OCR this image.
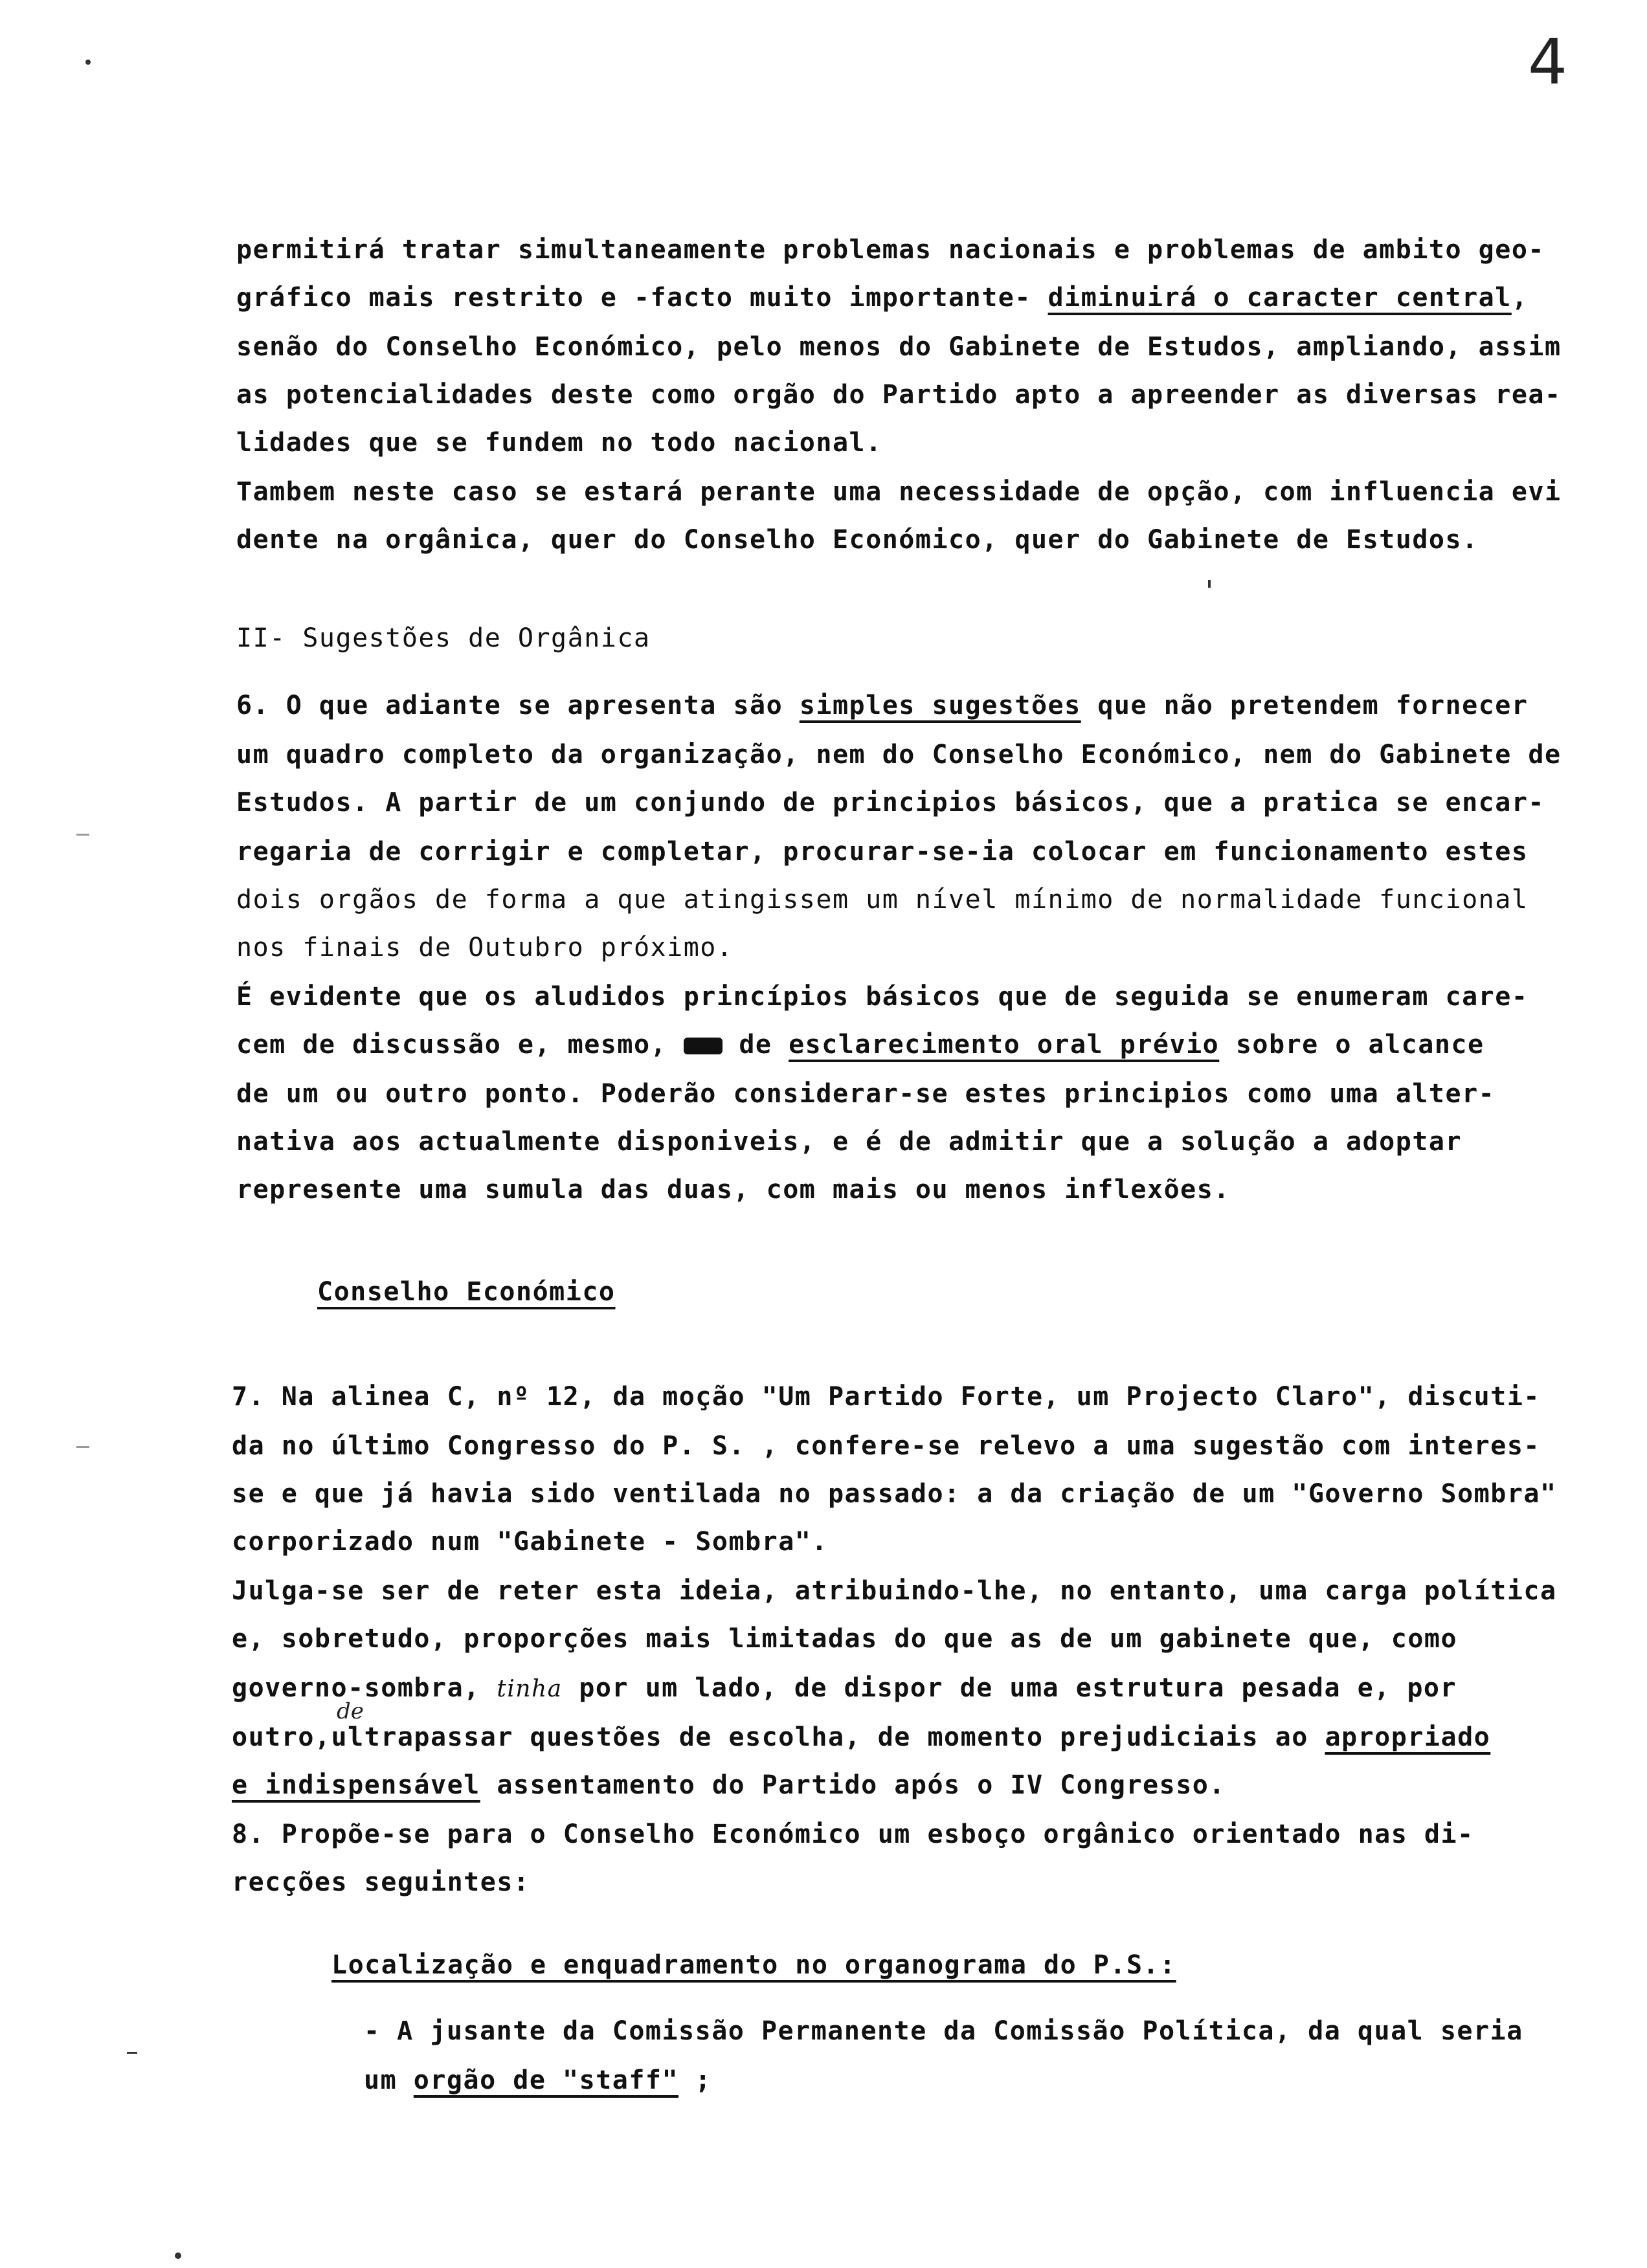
4
permitirá tratar simultaneamente problemas nacionais e problemas de ambito geo-
gráfico mais restrito e -facto muito importante- diminuirá o caracter central,
senão do Conselho Económico, pelo menos do Gabinete de Estudos, ampliando, assim
as potencialidades deste como orgão do Partido apto a apreender as diversas rea-
lidades que se fundem no todo nacional.
Tambem neste caso se estará perante uma necessidade de opção, com influencia evi
dente na orgânica, quer do Conselho Económico, quer do Gabinete de Estudos.
II- Sugestões de Orgânica
6. O que adiante se apresenta são simples sugestões que não pretendem fornecer
um quadro completo da organização, nem do Conselho Económico, nem do Gabinete de
Estudos. A partir de um conjundo de principios básicos, que a pratica se encar-
regaria de corrigir e completar, procurar-se-ia colocar em funcionamento estes
dois orgãos de forma a que atingissem um nível mínimo de normalidade funcional
nos finais de Outubro próximo.
É evidente que os aludidos princípios básicos que de seguida se enumeram care-
cem de discussão e, mesmo,	de esclarecimento oral prévio sobre o alcance
de um ou outro ponto. Poderão considerar-se estes principios como uma alter-
nativa aos actualmente disponiveis, e é de admitir que a solução a adoptar
represente uma sumula das duas, com mais ou menos inflexões.
Conselho Económico
7. Na alinea C, nº 12, da moção "Um Partido Forte, um Projecto Claro", discuti-
da no último Congresso do P. S. , confere-se relevo a uma sugestão com interes-
se e que já havia sido ventilada no passado: a da criação de um "Governo Sombra"
corporizado num "Gabinete - Sombra".
Julga-se ser de reter esta ideia, atribuindo-lhe, no entanto, uma carga política
e, sobretudo, proporções mais limitadas do que as de um gabinete que, como
governo-sombra, tinha por um lado, de dispor de uma estrutura pesada e, por
de
outro,ultrapassar questões de escolha, de momento prejudiciais ao apropriado
e indispensável assentamento do Partido após o IV Congresso.
8. Propõe-se para o Conselho Económico um esboço orgânico orientado nas di-
recções seguintes:
Localização e enquadramento no organograma do P.S.:
- A jusante da Comissão Permanente da Comissão Política, da qual seria
um orgão de "staff" ;
